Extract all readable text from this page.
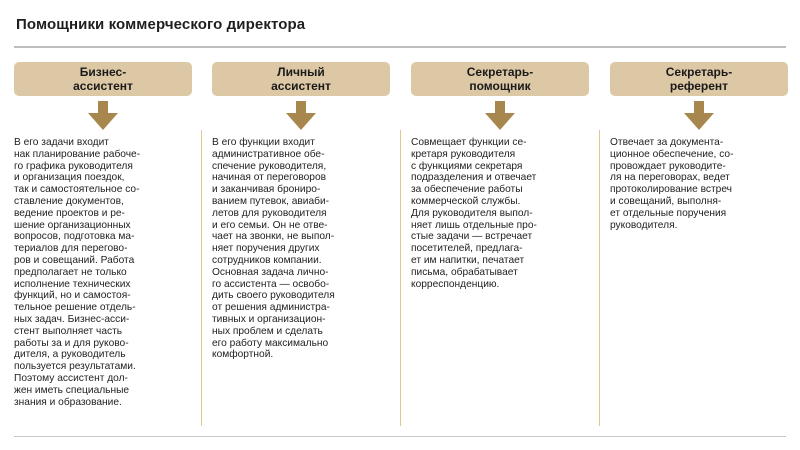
Помощники коммерческого директора
Бизнес-
ассистент
В его задачи входит
нак планирование рабоче-
го графика руководителя
и организация поездок,
так и самостоятельное со-
ставление документов,
ведение проектов и ре-
шение организационных
вопросов, подготовка ма-
териалов для перегово-
ров и совещаний. Работа
предполагает не только
исполнение технических
функций, но и самостоя-
тельное решение отдель-
ных задач. Бизнес-асси-
стент выполняет часть
работы за и для руково-
дителя, а руководитель
пользуется результатами.
Поэтому ассистент дол-
жен иметь специальные
знания и образование.
Личный
ассистент
В его функции входит
административное обе-
спечение руководителя,
начиная от переговоров
и заканчивая брониро-
ванием путевок, авиаби-
летов для руководителя
и его семьи. Он не отве-
чает на звонки, не выпол-
няет поручения других
сотрудников компании.
Основная задача лично-
го ассистента — освобо-
дить своего руководителя
от решения администра-
тивных и организацион-
ных проблем и сделать
его работу максимально
комфортной.
Секретарь-
помощник
Совмещает функции се-
кретаря руководителя
с функциями секретаря
подразделения и отвечает
за обеспечение работы
коммерческой службы.
Для руководителя выпол-
няет лишь отдельные про-
стые задачи — встречает
посетителей, предлага-
ет им напитки, печатает
письма, обрабатывает
корреспонденцию.
Секретарь-
референт
Отвечает за документа-
ционное обеспечение, со-
провождает руководите-
ля на переговорах, ведет
протоколирование встреч
и совещаний, выполня-
ет отдельные поручения
руководителя.
